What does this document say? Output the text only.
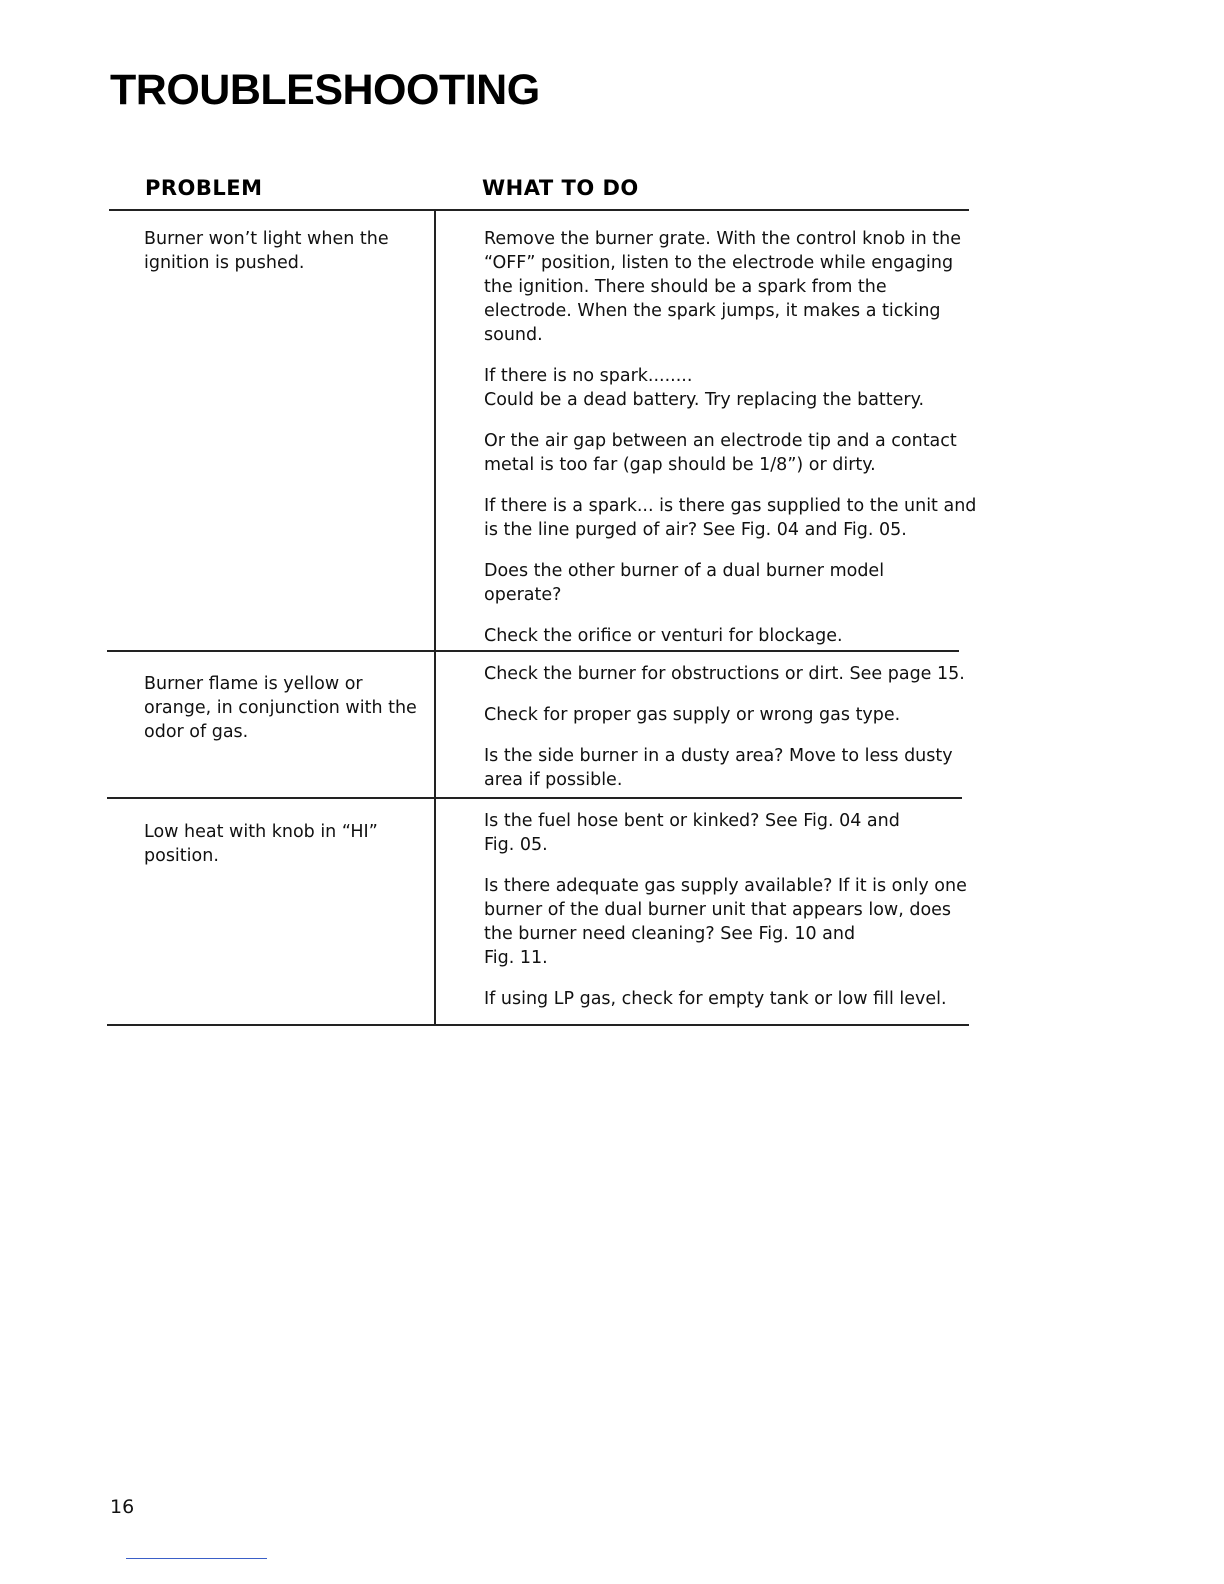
TROUBLESHOOTING
PROBLEM	WHAT TO DO
Burner won’t light when the
ignition is pushed.

Remove the burner grate. With the control knob in the
“OFF” position, listen to the electrode while engaging
the ignition. There should be a spark from the
electrode. When the spark jumps, it makes a ticking
sound.

If there is no spark........
Could be a dead battery. Try replacing the battery.

Or the air gap between an electrode tip and a contact
metal is too far (gap should be 1/8”) or dirty.

If there is a spark... is there gas supplied to the unit and
is the line purged of air? See Fig. 04 and Fig. 05.

Does the other burner of a dual burner model
operate?

Check the orifice or venturi for blockage.

Burner flame is yellow or
orange, in conjunction with the
odor of gas.

Check the burner for obstructions or dirt. See page 15.

Check for proper gas supply or wrong gas type.

Is the side burner in a dusty area? Move to less dusty
area if possible.

Low heat with knob in “HI”
position.

Is the fuel hose bent or kinked? See Fig. 04 and
Fig. 05.

Is there adequate gas supply available? If it is only one
burner of the dual burner unit that appears low, does
the burner need cleaning? See Fig. 10 and
Fig. 11.

If using LP gas, check for empty tank or low fill level.

16
